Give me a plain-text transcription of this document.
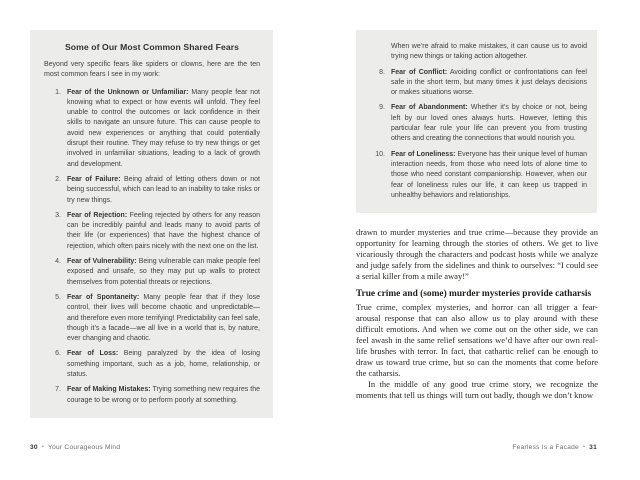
Some of Our Most Common Shared Fears

Beyond very specific fears like spiders or clowns, here are the ten most common fears I see in my work:

1. Fear of the Unknown or Unfamiliar: Many people fear not knowing what to expect or how events will unfold. They feel unable to control the outcomes or lack confidence in their skills to navigate an unsure future. This can cause people to avoid new experiences or anything that could potentially disrupt their routine. They may refuse to try new things or get involved in unfamiliar situations, leading to a lack of growth and development.
2. Fear of Failure: Being afraid of letting others down or not being successful, which can lead to an inability to take risks or try new things.
3. Fear of Rejection: Feeling rejected by others for any reason can be incredibly painful and leads many to avoid parts of their life (or experiences) that have the highest chance of rejection, which often pairs nicely with the next one on the list.
4. Fear of Vulnerability: Being vulnerable can make people feel exposed and unsafe, so they may put up walls to protect themselves from potential threats or rejections.
5. Fear of Spontaneity: Many people fear that if they lose control, their lives will become chaotic and unpredictable—and therefore even more terrifying! Predictability can feel safe, though it’s a facade—we all live in a world that is, by nature, ever changing and chaotic.
6. Fear of Loss: Being paralyzed by the idea of losing something important, such as a job, home, relationship, or status.
7. Fear of Making Mistakes: Trying something new requires the courage to be wrong or to perform poorly at something.
30 • Your Courageous Mind

When we’re afraid to make mistakes, it can cause us to avoid trying new things or taking action altogether.

8. Fear of Conflict: Avoiding conflict or confrontations can feel safe in the short term, but many times it just delays decisions or makes situations worse.
9. Fear of Abandonment: Whether it’s by choice or not, being left by our loved ones always hurts. However, letting this particular fear rule your life can prevent you from trusting others and creating the connections that would nourish you.
10. Fear of Loneliness: Everyone has their unique level of human interaction needs, from those who need lots of alone time to those who need constant companionship. However, when our fear of loneliness rules our life, it can keep us trapped in unhealthy behaviors and relationships.

drawn to murder mysteries and true crime—because they provide an opportunity for learning through the stories of others. We get to live vicariously through the characters and podcast hosts while we analyze and judge safely from the sidelines and think to ourselves: “I could see a serial killer from a mile away!”

True crime and (some) murder mysteries provide catharsis

True crime, complex mysteries, and horror can all trigger a fear-arousal response that can also allow us to play around with these difficult emotions. And when we come out on the other side, we can feel awash in the same relief sensations we’d have after our own real-life brushes with terror. In fact, that cathartic relief can be enough to draw us toward true crime, but so can the moments that come before the catharsis.

In the middle of any good true crime story, we recognize the moments that tell us things will turn out badly, though we don’t know

Fearless Is a Facade • 31
